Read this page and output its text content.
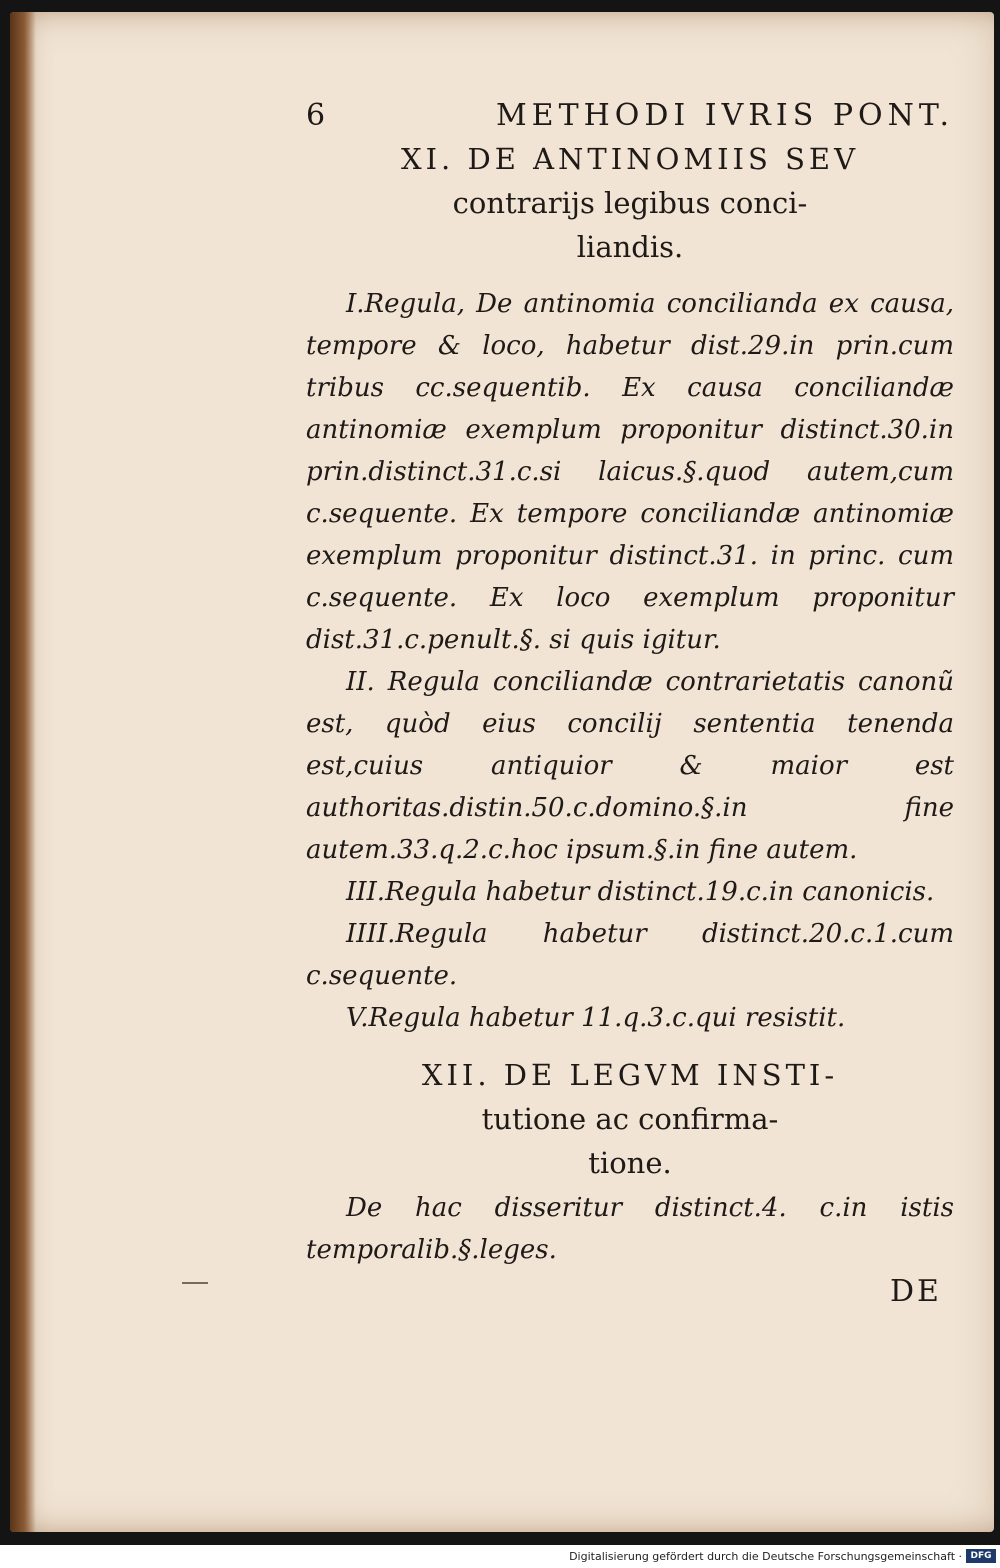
6	METHODI IVRIS PONT.
XI. DE ANTINOMIIS SEV
contrarijs legibus conci-
liandis.

I.Regula, De antinomia concilianda ex causa, tempore & loco, habetur dist.29.in prin.cum tribus cc.sequentib. Ex causa conciliandæ antinomiæ exemplum proponitur distinct.30.in prin.distinct.31.c.si laicus.§.quod autem,cum c.sequente. Ex tempore conciliandæ antinomiæ exemplum proponitur distinct.31. in princ. cum c.sequente. Ex loco exemplum proponitur dist.31.c.penult.§. si quis igitur.

II. Regula conciliandæ contrarietatis canonũ est, quòd eius concilij sententia tenenda est,cuius antiquior & maior est authoritas.distin.50.c.domino.§.in fine autem.33.q.2.c.hoc ipsum.§.in fine autem.

III.Regula habetur distinct.19.c.in canonicis.

IIII.Regula habetur distinct.20.c.1.cum c.sequente.

V.Regula habetur 11.q.3.c.qui resistit.

XII. DE LEGVM INSTI-
tutione ac confirma-
tione.

De hac disseritur distinct.4. c.in istis temporalib.§.leges.

DE
Digitalisierung gefördert durch die Deutsche Forschungsgemeinschaft · DFG
